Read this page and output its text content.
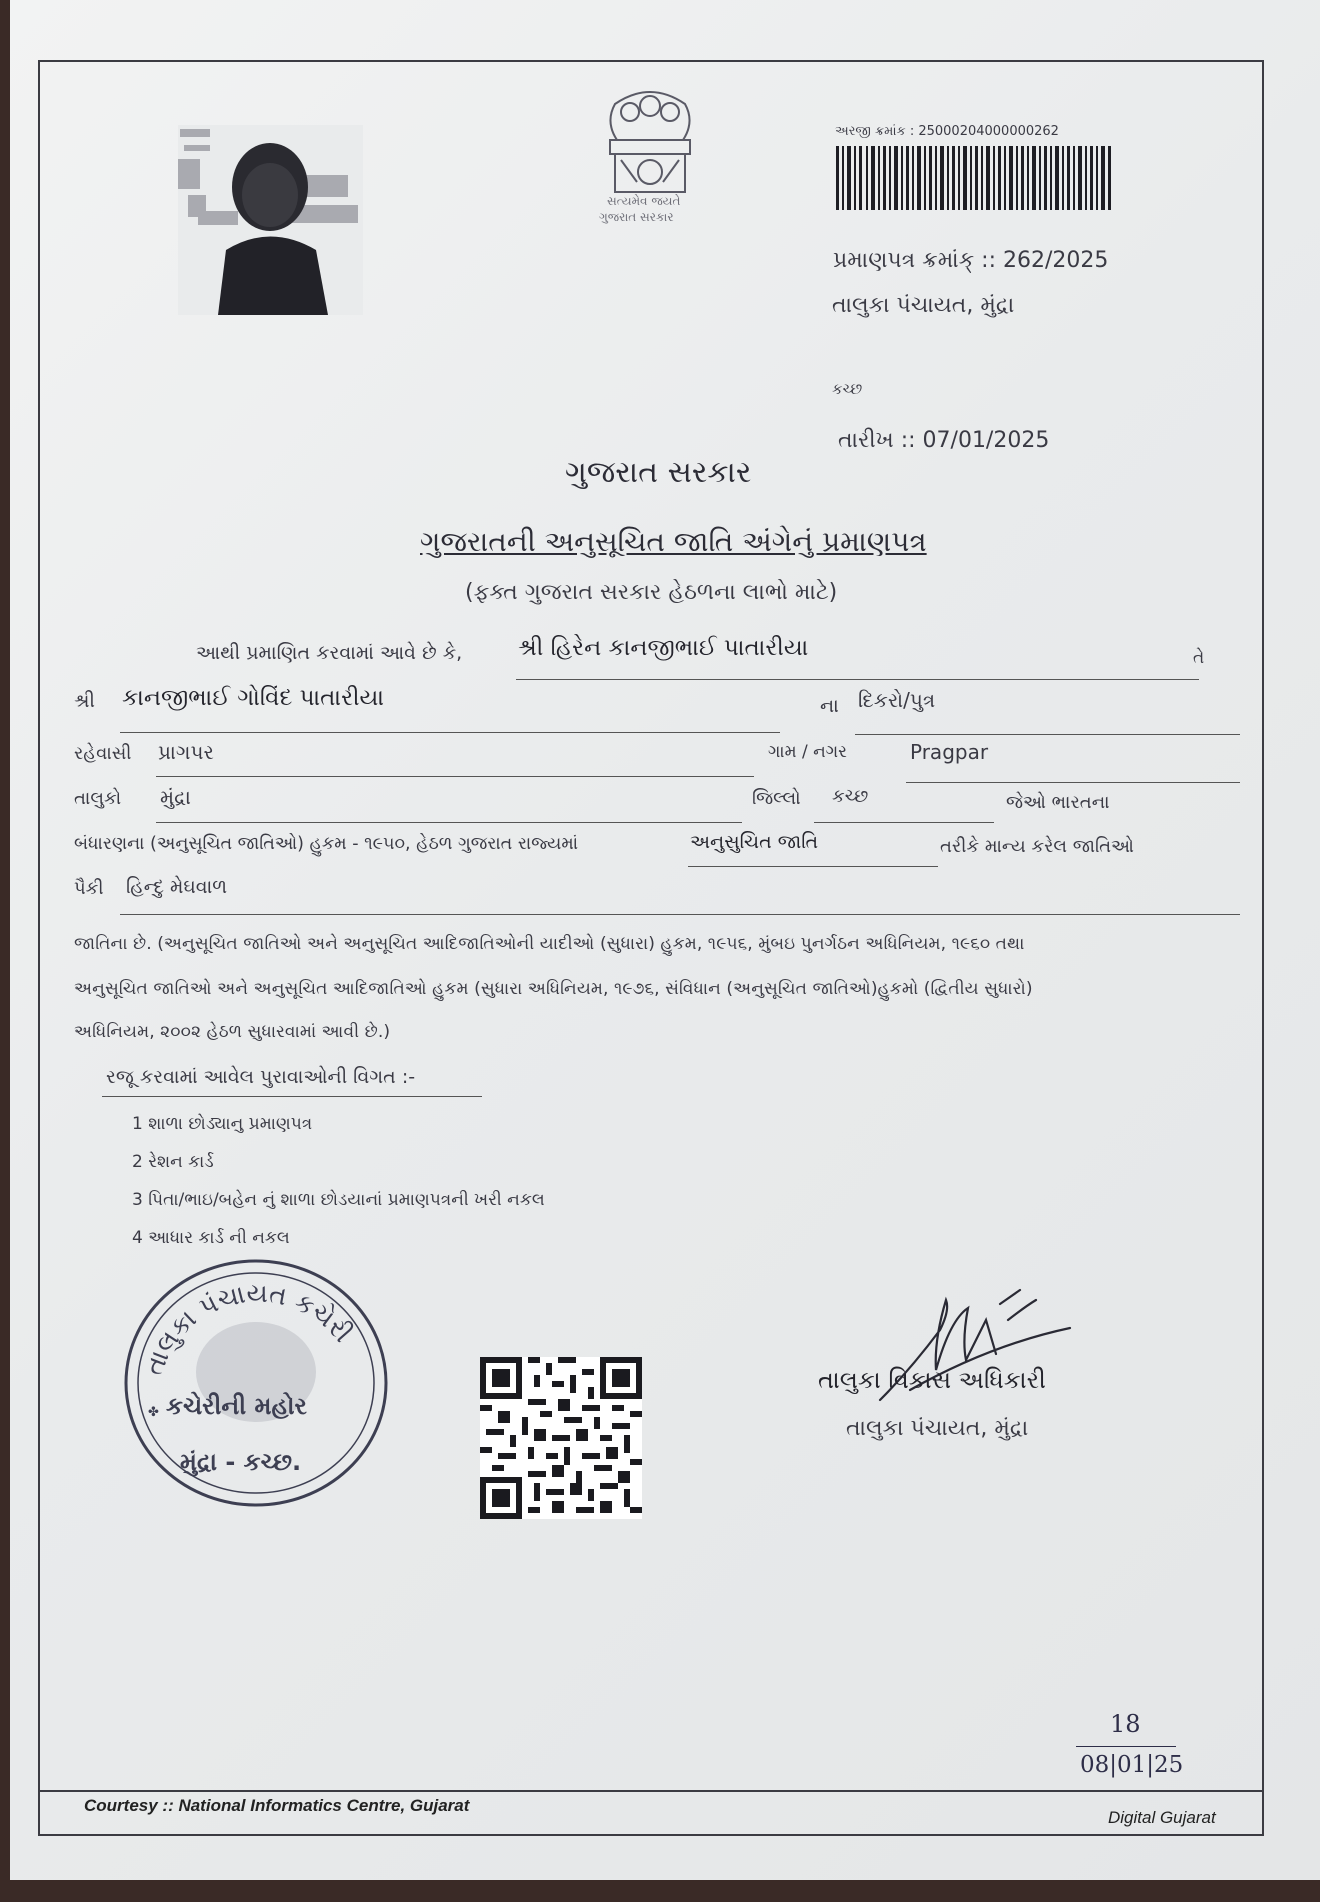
સત્યમેવ જયતે
ગુજરાત સરકાર
અરજી ક્રમાંક : 25000204000000262
પ્રમાણપત્ર ક્રમાંક્ :: 262/2025
તાલુકા પંચાયત, મુંદ્રા
કચ્છ
તારીખ :: 07/01/2025
ગુજરાત સરકાર
ગુજરાતની અનુસૂચિત જાતિ અંગેનું પ્રમાણપત્ર
(ફક્ત ગુજરાત સરકાર હેઠળના લાભો માટે)
આથી પ્રમાણિત કરવામાં આવે છે કે, શ્રી હિરેન કાનજીભાઈ પાતારીયા	તે
શ્રી કાનજીભાઈ ગોવિંદ પાતારીયા	ના દિકરો/પુત્ર
રહેવાસી પ્રાગપર	ગામ / નગર	Pragpar
તાલુકો મુંદ્રા	જિલ્લો કચ્છ	જેઓ ભારતના
બંધારણના (અનુસૂચિત જાતિઓ) હુકમ - ૧૯૫૦, હેઠળ ગુજરાત રાજ્યમાં	અનુસુચિત જાતિ	તરીકે માન્ય કરેલ જાતિઓ
પૈકી હિન્દુ મેઘવાળ
જાતિના છે. (અનુસૂચિત જાતિઓ અને અનુસૂચિત આદિજાતિઓની યાદીઓ (સુધારા) હુકમ, ૧૯૫૬, મુંબઇ પુનર્ગઠન અધિનિયમ, ૧૯૬૦ તથા
અનુસૂચિત જાતિઓ અને અનુસૂચિત આદિજાતિઓ હુકમ (સુધારા અધિનિયમ, ૧૯૭૬, સંવિધાન (અનુસૂચિત જાતિઓ)હુકમો (દ્વિતીય સુધારો)
અધિનિયમ, ૨૦૦૨ હેઠળ સુધારવામાં આવી છે.)
રજૂ કરવામાં આવેલ પુરાવાઓની વિગત :-
1 શાળા છોડ્યાનુ પ્રમાણપત્ર
2 રેશન કાર્ડ
3 પિતા/ભાઇ/બહેન નું શાળા છોડયાનાં પ્રમાણપત્રની ખરી નકલ
4 આધાર કાર્ડ ની નકલ
તાલુકા પંચાયત કચેરી
✤ કચેરીની મહોર
મુંદ્રા - કચ્છ.
તાલુકા વિકાસ અધિકારી
તાલુકા પંચાયત, મુંદ્રા
18
08|01|25
Courtesy :: National Informatics Centre, Gujarat
Digital Gujarat
